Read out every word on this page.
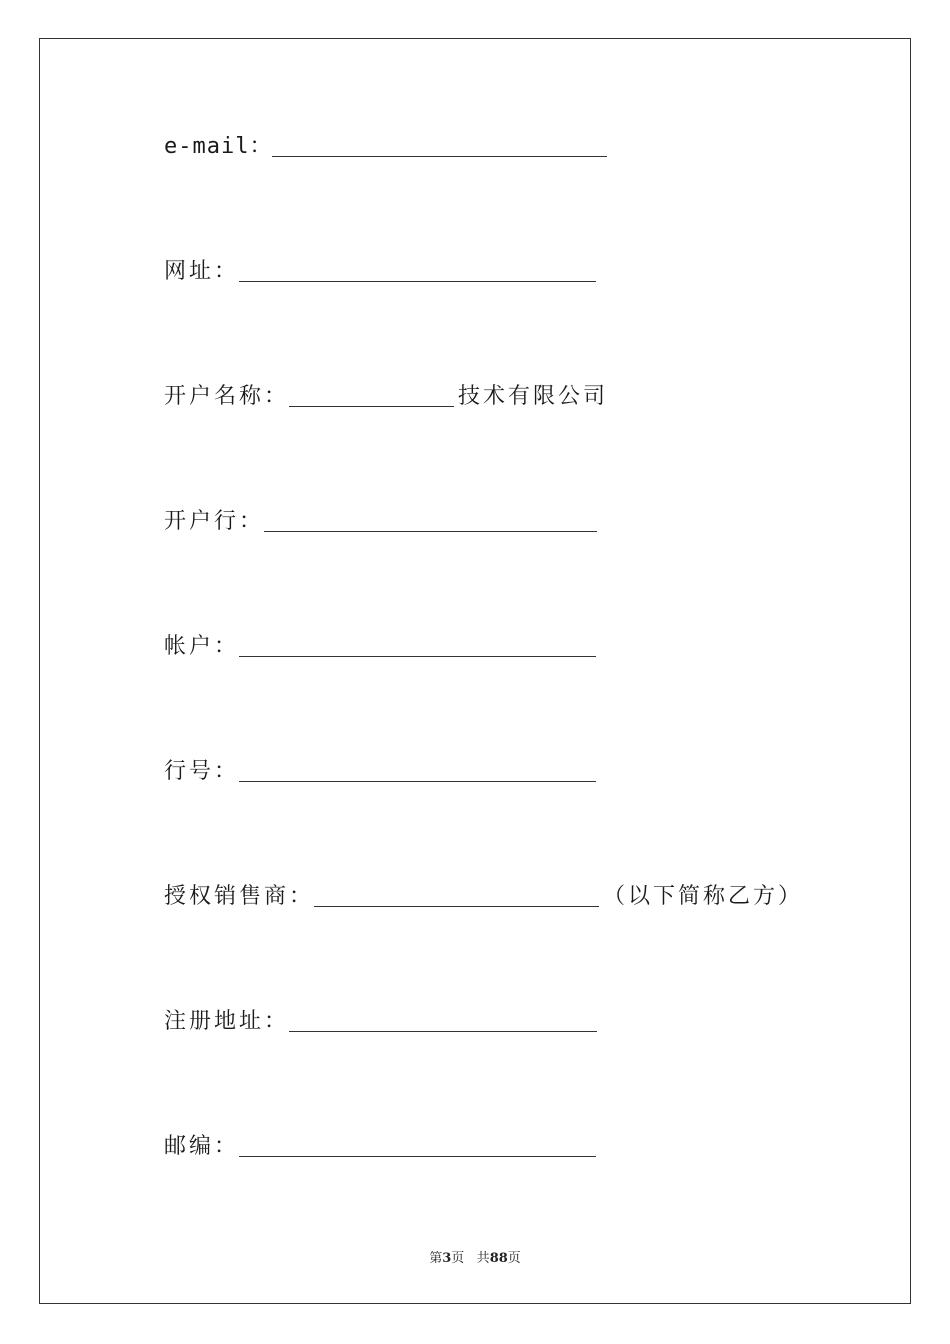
e-mail：
网址：
开户名称：	技术有限公司
开户行：
帐户：
行号：
授权销售商：	（以下简称乙方）
注册地址：
邮编：
第3页 共88页
